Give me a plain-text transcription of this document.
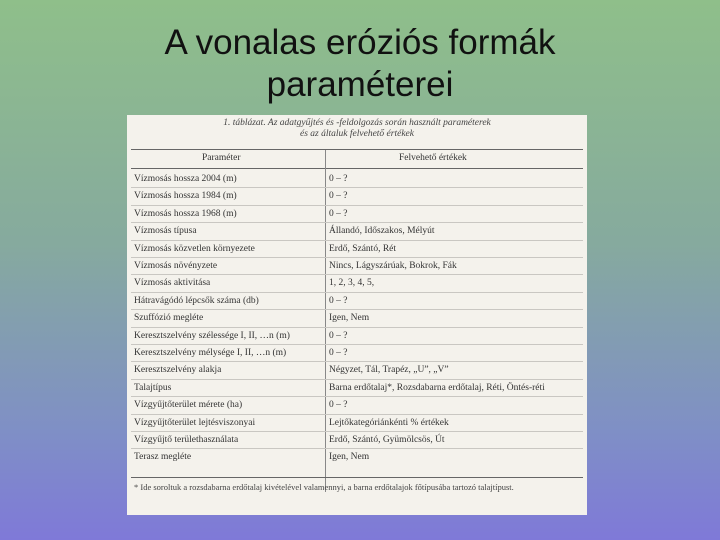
A vonalas eróziós formák
paraméterei
1. táblázat. Az adatgyűjtés és -feldolgozás során használt paraméterek
és az általuk felvehető értékek
Paraméter	Felvehető értékek
Vízmosás hossza 2004 (m)	0 – ?
Vízmosás hossza 1984 (m)	0 – ?
Vízmosás hossza 1968 (m)	0 – ?
Vízmosás típusa	Állandó, Időszakos, Mélyút
Vízmosás közvetlen környezete	Erdő, Szántó, Rét
Vízmosás növényzete	Nincs, Lágyszárúak, Bokrok, Fák
Vízmosás aktivitása	1, 2, 3, 4, 5,
Hátravágódó lépcsők száma (db)	0 – ?
Szuffózió megléte	Igen, Nem
Keresztszelvény szélessége I, II, …n (m)	0 – ?
Keresztszelvény mélysége I, II, …n (m)	0 – ?
Keresztszelvény alakja	Négyzet, Tál, Trapéz, „U”, „V”
Talajtípus	Barna erdőtalaj*, Rozsdabarna erdőtalaj, Réti, Öntés-réti
Vízgyűjtőterület mérete (ha)	0 – ?
Vízgyűjtőterület lejtésviszonyai	Lejtőkategóriánkénti % értékek
Vízgyűjtő területhasználata	Erdő, Szántó, Gyümölcsös, Út
Terasz megléte	Igen, Nem
* Ide soroltuk a rozsdabarna erdőtalaj kivételével valamennyi, a barna erdőtalajok főtípusába tartozó talajtípust.
